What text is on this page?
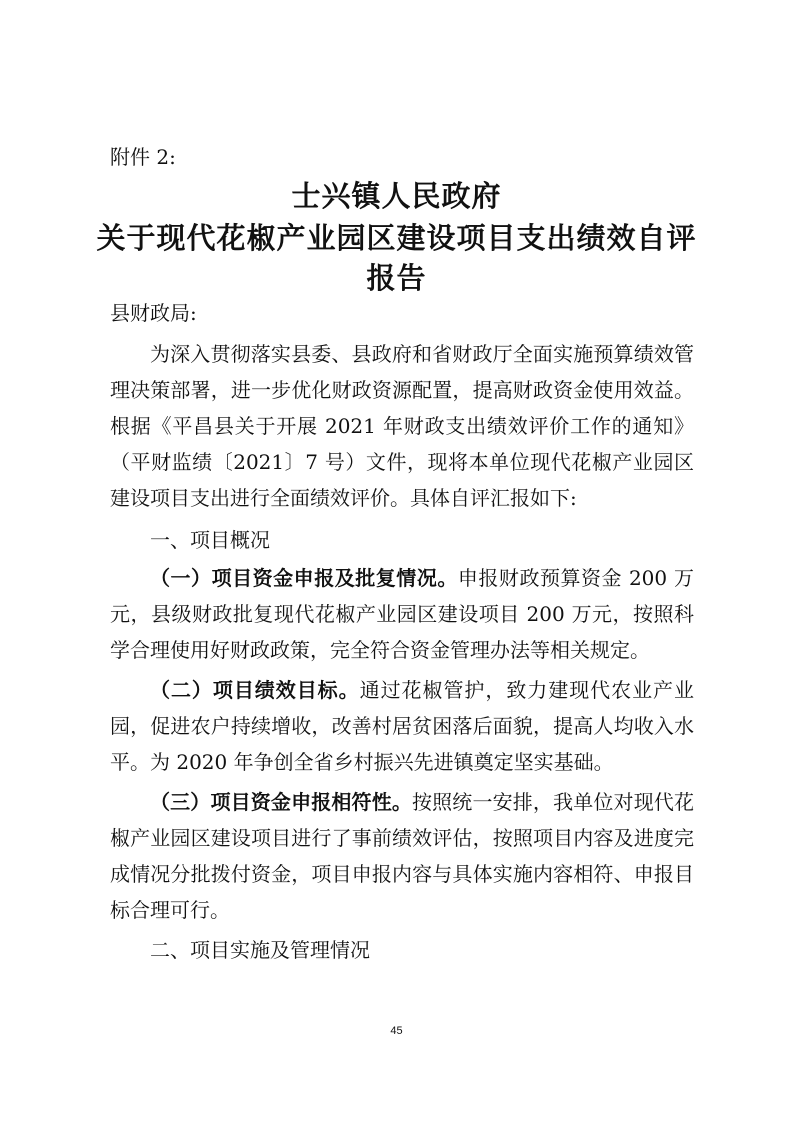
附件 2:
士兴镇人民政府
关于现代花椒产业园区建设项目支出绩效自评
报告
县财政局:
为深入贯彻落实县委、县政府和省财政厅全面实施预算绩效管理决策部署，进一步优化财政资源配置，提高财政资金使用效益。根据《平昌县关于开展 2021 年财政支出绩效评价工作的通知》（平财监绩〔2021〕7 号）文件，现将本单位现代花椒产业园区建设项目支出进行全面绩效评价。具体自评汇报如下:
一、项目概况
（一）项目资金申报及批复情况。申报财政预算资金 200 万元，县级财政批复现代花椒产业园区建设项目 200 万元，按照科学合理使用好财政政策，完全符合资金管理办法等相关规定。
（二）项目绩效目标。通过花椒管护，致力建现代农业产业园，促进农户持续增收，改善村居贫困落后面貌，提高人均收入水平。为 2020 年争创全省乡村振兴先进镇奠定坚实基础。
（三）项目资金申报相符性。按照统一安排，我单位对现代花椒产业园区建设项目进行了事前绩效评估，按照项目内容及进度完成情况分批拨付资金，项目申报内容与具体实施内容相符、申报目标合理可行。
二、项目实施及管理情况
45
